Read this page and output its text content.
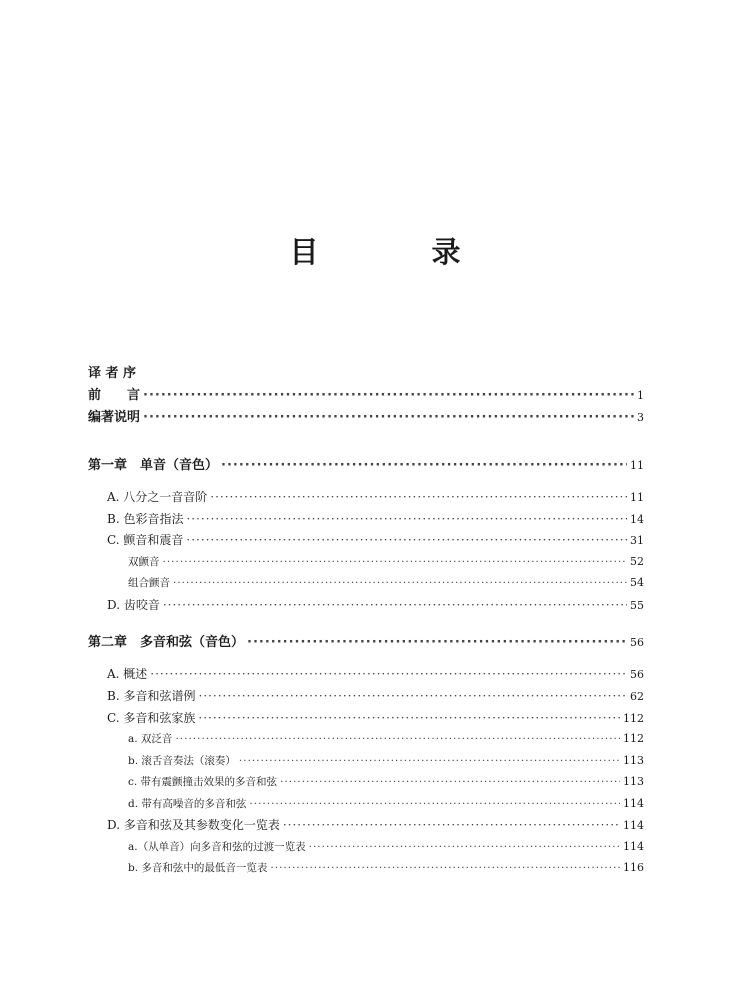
目　录
译 者 序
前　　言 ·····	1
编著说明 ·····	3
第一章　单音（音色） ·····	11
A. 八分之一音音阶 ·····	11
B. 色彩音指法 ·····	14
C. 颤音和震音 ·····	31
双颤音 ·····	52
组合颤音 ·····	54
D. 齿咬音 ·····	55
第二章　多音和弦（音色） ·····	56
A. 概述 ·····	56
B. 多音和弦谱例 ·····	62
C. 多音和弦家族 ·····	112
a. 双泛音 ·····	112
b. 滚舌音奏法（滚奏） ·····	113
c. 带有震颤撞击效果的多音和弦 ·····	113
d. 带有高噪音的多音和弦 ·····	114
D. 多音和弦及其参数变化一览表 ·····	114
a.（从单音）向多音和弦的过渡一览表 ·····	114
b. 多音和弦中的最低音一览表 ·····	116
